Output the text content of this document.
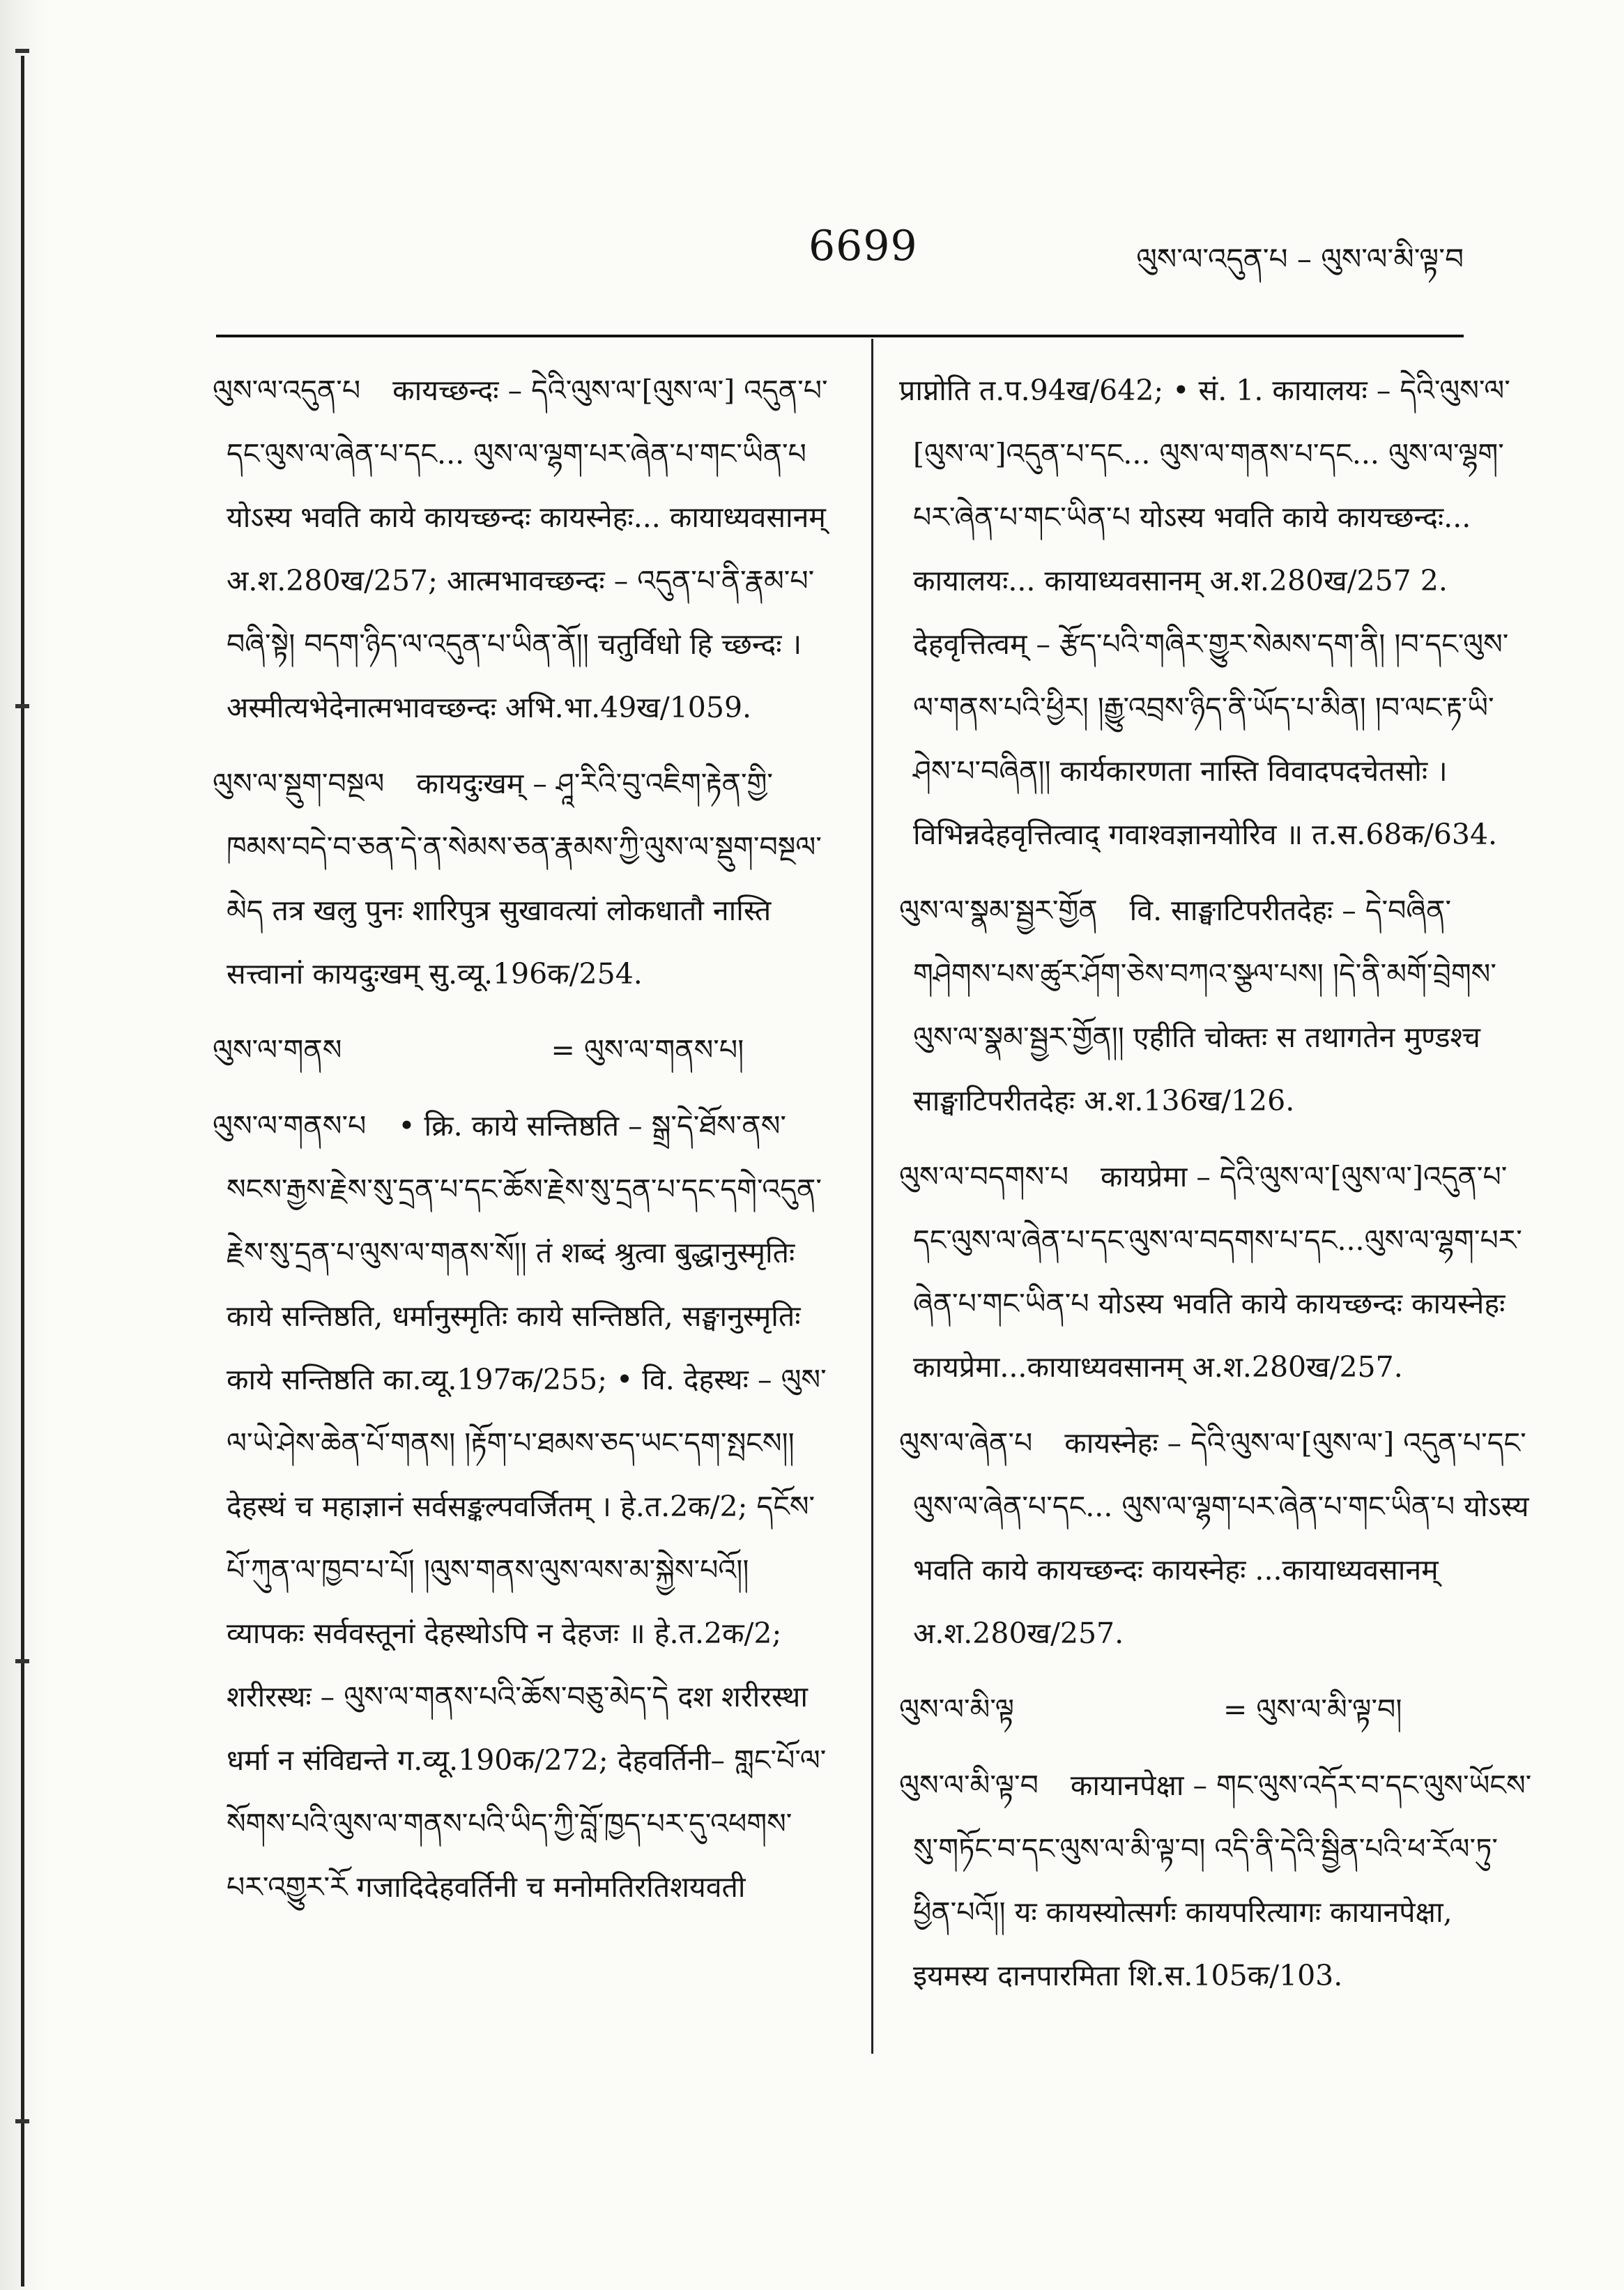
6699	ལུས་ལ་འདུན་པ – ལུས་ལ་མི་ལྟ་བ

ལུས་ལ་འདུན་པ कायच्छन्दः – དེའི་ལུས་ལ་[ལུས་ལ་] འདུན་པ་དང་ལུས་ལ་ཞེན་པ་དང... ལུས་ལ་ལྷག་པར་ཞེན་པ་གང་ཡིན་པ योऽस्य भवति काये कायच्छन्दः कायस्नेहः... कायाध्यवसानम् अ.श.280ख/257; आत्मभावच्छन्दः – འདུན་པ་ནི་རྣམ་པ་བཞི་སྟེ། བདག་ཉིད་ལ་འདུན་པ་ཡིན་ནོ།། चतुर्विधो हि च्छन्दः । अस्मीत्यभेदेनात्मभावच्छन्दः अभि.भा.49ख/1059.

ལུས་ལ་སྡུག་བསྔལ कायदुःखम् – ཤཱ་རིའི་བུ་འཇིག་རྟེན་གྱི་ཁམས་བདེ་བ་ཅན་དེ་ན་སེམས་ཅན་རྣམས་ཀྱི་ལུས་ལ་སྡུག་བསྔལ་མེད तत्र खलु पुनः शारिपुत्र सुखावत्यां लोकधातौ नास्ति सत्त्वानां कायदुःखम् सु.व्यू.196क/254.

ལུས་ལ་གནས	= ལུས་ལ་གནས་པ།

ལུས་ལ་གནས་པ • क्रि. काये सन्तिष्ठति – སྒྲ་དེ་ཐོས་ནས་སངས་རྒྱས་རྗེས་སུ་དྲན་པ་དང་ཆོས་རྗེས་སུ་དྲན་པ་དང་དགེ་འདུན་རྗེས་སུ་དྲན་པ་ལུས་ལ་གནས་སོ།། तं शब्दं श्रुत्वा बुद्धानुस्मृतिः काये सन्तिष्ठति, धर्मानुस्मृतिः काये सन्तिष्ठति, सङ्घानुस्मृतिः काये सन्तिष्ठति का.व्यू.197क/255; • वि. देहस्थः – ལུས་ལ་ཡེ་ཤེས་ཆེན་པོ་གནས། །རྟོག་པ་ཐམས་ཅད་ཡང་དག་སྤངས།། देहस्थं च महाज्ञानं सर्वसङ्कल्पवर्जितम् । हे.त.2क/2; དངོས་པོ་ཀུན་ལ་ཁྱབ་པ་པོ། །ལུས་གནས་ལུས་ལས་མ་སྐྱེས་པའོ།། व्यापकः सर्ववस्तूनां देहस्थोऽपि न देहजः ॥ हे.त.2क/2; शरीरस्थः – ལུས་ལ་གནས་པའི་ཆོས་བཅུ་མེད་དེ दश शरीरस्था धर्मा न संविद्यन्ते ग.व्यू.190क/272; देहवर्तिनी– གླང་པོ་ལ་སོགས་པའི་ལུས་ལ་གནས་པའི་ཡིད་ཀྱི་བློ་ཁྱད་པར་དུ་འཕགས་པར་འགྱུར་རོ गजादिदेहवर्तिनी च मनोमतिरतिशयवती

प्राप्नोति त.प.94ख/642; • सं. 1. कायालयः – དེའི་ལུས་ལ་[ལུས་ལ་]འདུན་པ་དང... ལུས་ལ་གནས་པ་དང... ལུས་ལ་ལྷག་པར་ཞེན་པ་གང་ཡིན་པ योऽस्य भवति काये कायच्छन्दः... कायालयः... कायाध्यवसानम् अ.श.280ख/257 2. देहवृत्तित्वम् – རྩོད་པའི་གཞིར་གྱུར་སེམས་དག་ནི། །བ་དང་ལུས་ལ་གནས་པའི་ཕྱིར། །རྒྱུ་འབྲས་ཉིད་ནི་ཡོད་པ་མིན། །བ་ལང་རྟ་ཡི་ཤེས་པ་བཞིན།། कार्यकारणता नास्ति विवादपदचेतसोः । विभिन्नदेहवृत्तित्वाद् गवाश्वज्ञानयोरिव ॥ त.स.68क/634.

ལུས་ལ་སྣམ་སྦྱར་གྱོན वि. साङ्घाटिपरीतदेहः – དེ་བཞིན་གཤེགས་པས་ཚུར་ཤོག་ཅེས་བཀའ་སྩལ་པས། །དེ་ནི་མགོ་བྲེགས་ལུས་ལ་སྣམ་སྦྱར་གྱོན།། एहीति चोक्तः स तथागतेन मुण्डश्च साङ्घाटिपरीतदेहः अ.श.136ख/126.

ལུས་ལ་བདགས་པ कायप्रेमा – དེའི་ལུས་ལ་[ལུས་ལ་]འདུན་པ་དང་ལུས་ལ་ཞེན་པ་དང་ལུས་ལ་བདགས་པ་དང...ལུས་ལ་ལྷག་པར་ཞེན་པ་གང་ཡིན་པ योऽस्य भवति काये कायच्छन्दः कायस्नेहः कायप्रेमा...कायाध्यवसानम् अ.श.280ख/257.

ལུས་ལ་ཞེན་པ कायस्नेहः – དེའི་ལུས་ལ་[ལུས་ལ་] འདུན་པ་དང་ལུས་ལ་ཞེན་པ་དང... ལུས་ལ་ལྷག་པར་ཞེན་པ་གང་ཡིན་པ योऽस्य भवति काये कायच्छन्दः कायस्नेहः ...कायाध्यवसानम् अ.श.280ख/257.

ལུས་ལ་མི་ལྟ	= ལུས་ལ་མི་ལྟ་བ།

ལུས་ལ་མི་ལྟ་བ कायानपेक्षा – གང་ལུས་འདོར་བ་དང་ལུས་ཡོངས་སུ་གཏོང་བ་དང་ལུས་ལ་མི་ལྟ་བ། འདི་ནི་དེའི་སྦྱིན་པའི་ཕ་རོལ་ཏུ་ཕྱིན་པའོ།། यः कायस्योत्सर्गः कायपरित्यागः कायानपेक्षा, इयमस्य दानपारमिता शि.स.105क/103.
